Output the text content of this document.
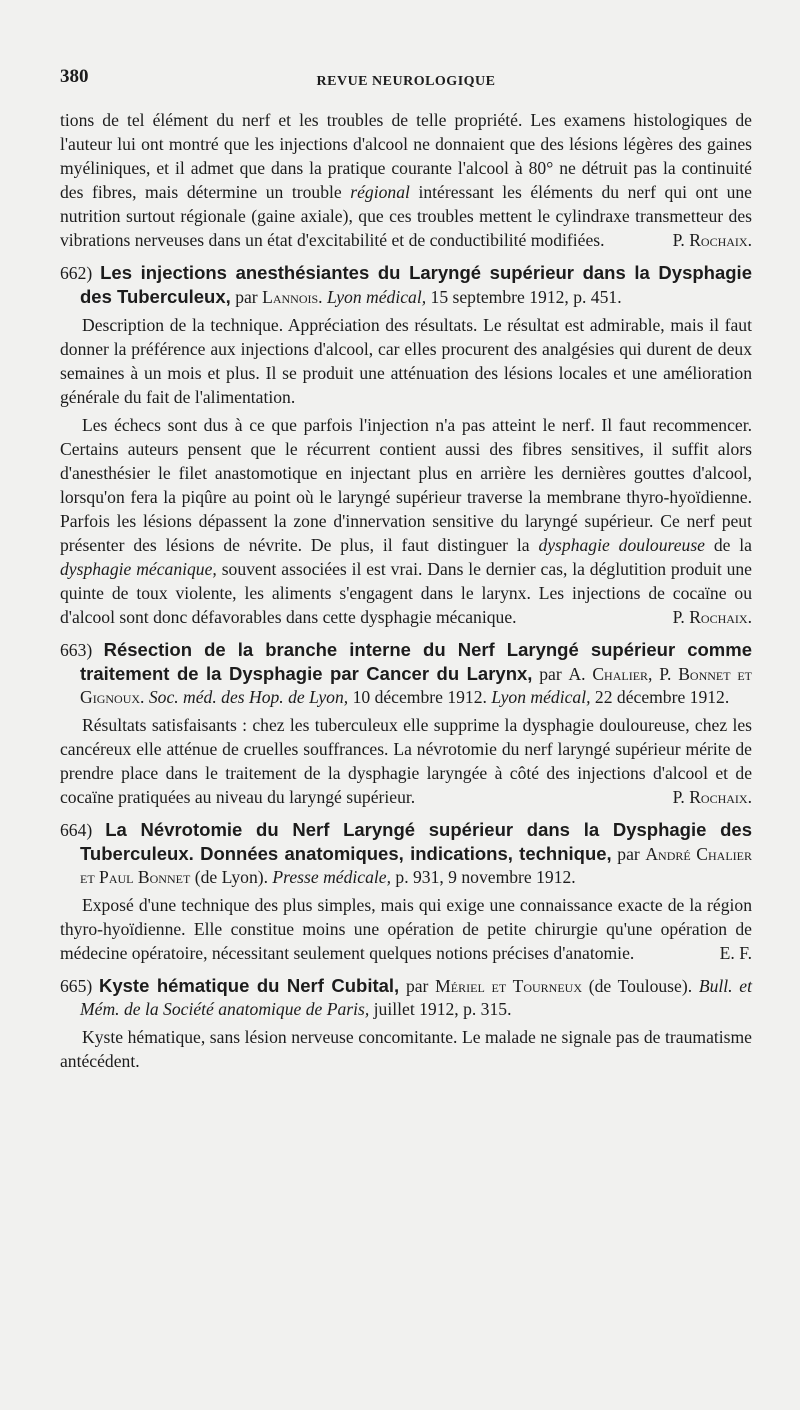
380	REVUE NEUROLOGIQUE

tions de tel élément du nerf et les troubles de telle propriété. Les examens histologiques de l'auteur lui ont montré que les injections d'alcool ne donnaient que des lésions légères des gaines myéliniques, et il admet que dans la pratique courante l'alcool à 80° ne détruit pas la continuité des fibres, mais détermine un trouble régional intéressant les éléments du nerf qui ont une nutrition surtout régionale (gaine axiale), que ces troubles mettent le cylindraxe transmetteur des vibrations nerveuses dans un état d'excitabilité et de conductibilité modifiées.	P. Rochaix.

662) Les injections anesthésiantes du Laryngé supérieur dans la Dysphagie des Tuberculeux, par Lannois. Lyon médical, 15 septembre 1912, p. 451.

Description de la technique. Appréciation des résultats. Le résultat est admirable, mais il faut donner la préférence aux injections d'alcool, car elles procurent des analgésies qui durent de deux semaines à un mois et plus. Il se produit une atténuation des lésions locales et une amélioration générale du fait de l'alimentation.

Les échecs sont dus à ce que parfois l'injection n'a pas atteint le nerf. Il faut recommencer. Certains auteurs pensent que le récurrent contient aussi des fibres sensitives, il suffit alors d'anesthésier le filet anastomotique en injectant plus en arrière les dernières gouttes d'alcool, lorsqu'on fera la piqûre au point où le laryngé supérieur traverse la membrane thyro-hyoïdienne. Parfois les lésions dépassent la zone d'innervation sensitive du laryngé supérieur. Ce nerf peut présenter des lésions de névrite. De plus, il faut distinguer la dysphagie douloureuse de la dysphagie mécanique, souvent associées il est vrai. Dans le dernier cas, la déglutition produit une quinte de toux violente, les aliments s'engagent dans le larynx. Les injections de cocaïne ou d'alcool sont donc défavorables dans cette dysphagie mécanique.	P. Rochaix.

663) Résection de la branche interne du Nerf Laryngé supérieur comme traitement de la Dysphagie par Cancer du Larynx, par A. Chalier, P. Bonnet et Gignoux. Soc. méd. des Hop. de Lyon, 10 décembre 1912. Lyon médical, 22 décembre 1912.

Résultats satisfaisants : chez les tuberculeux elle supprime la dysphagie douloureuse, chez les cancéreux elle atténue de cruelles souffrances. La névrotomie du nerf laryngé supérieur mérite de prendre place dans le traitement de la dysphagie laryngée à côté des injections d'alcool et de cocaïne pratiquées au niveau du laryngé supérieur.	P. Rochaix.

664) La Névrotomie du Nerf Laryngé supérieur dans la Dysphagie des Tuberculeux. Données anatomiques, indications, technique, par André Chalier et Paul Bonnet (de Lyon). Presse médicale, p. 931, 9 novembre 1912.

Exposé d'une technique des plus simples, mais qui exige une connaissance exacte de la région thyro-hyoïdienne. Elle constitue moins une opération de petite chirurgie qu'une opération de médecine opératoire, nécessitant seulement quelques notions précises d'anatomie.	E. F.

665) Kyste hématique du Nerf Cubital, par Mériel et Tourneux (de Toulouse). Bull. et Mém. de la Société anatomique de Paris, juillet 1912, p. 315.

Kyste hématique, sans lésion nerveuse concomitante. Le malade ne signale pas de traumatisme antécédent.
